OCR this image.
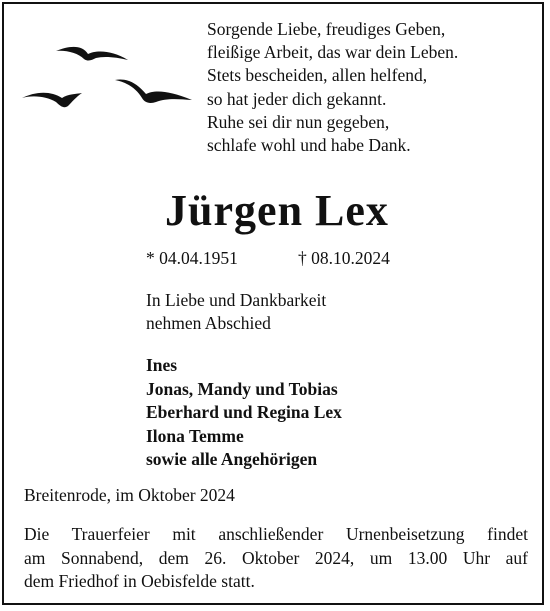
Sorgende Liebe, freudiges Geben,
fleißige Arbeit, das war dein Leben.
Stets bescheiden, allen helfend,
so hat jeder dich gekannt.
Ruhe sei dir nun gegeben,
schlafe wohl und habe Dank.
Jürgen Lex
* 04.04.1951	† 08.10.2024
In Liebe und Dankbarkeit
nehmen Abschied
Ines
Jonas, Mandy und Tobias
Eberhard und Regina Lex
Ilona Temme
sowie alle Angehörigen
Breitenrode, im Oktober 2024
Die Trauerfeier mit anschließender Urnenbeisetzung findet
am Sonnabend, dem 26. Oktober 2024, um 13.00 Uhr auf
dem Friedhof in Oebisfelde statt.
